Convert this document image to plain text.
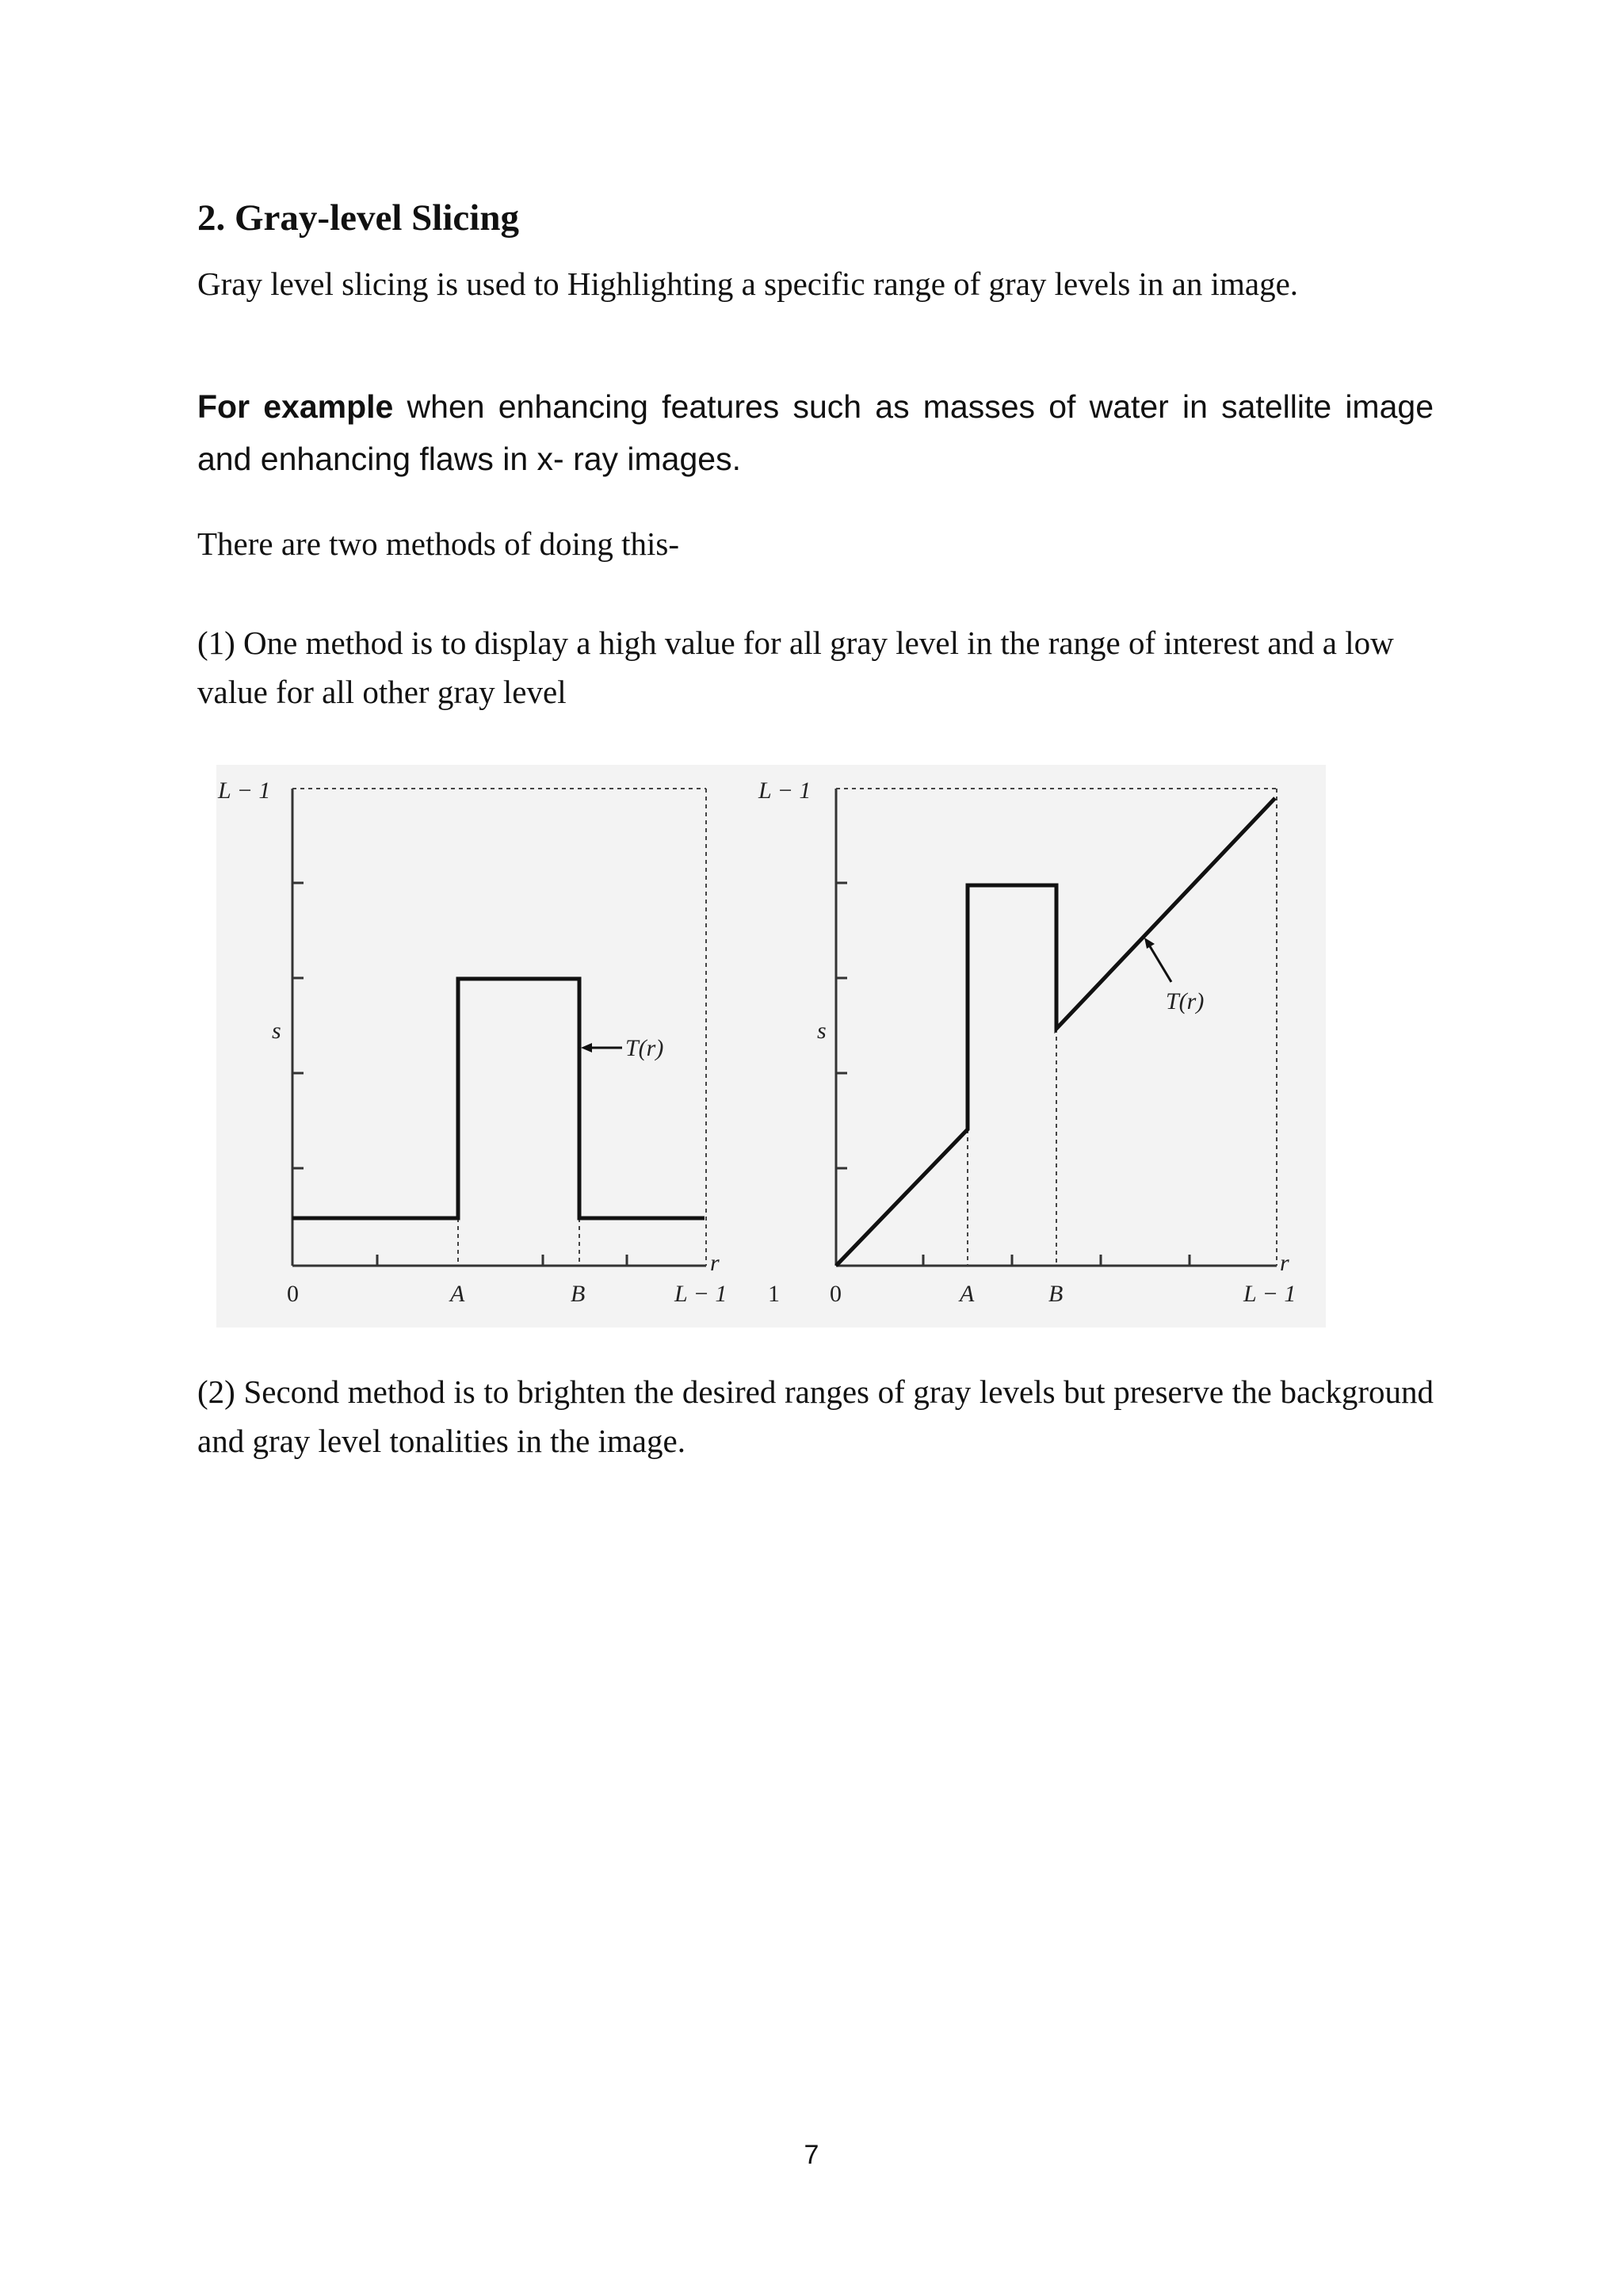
2. Gray-level Slicing

Gray level slicing is used to Highlighting a specific range of gray levels in an image.

For example when enhancing features such as masses of water in satellite image and enhancing flaws in x- ray images.

There are two methods of doing this-

(1) One method is to display a high value for all gray level in the range of interest and a low value for all other gray level

T(r)
L − 1
s
r
0	A	B	L − 1 1
T(r)
L − 1
s
r
0	A	B	L − 1

(2) Second method is to brighten the desired ranges of gray levels but preserve the background and gray level tonalities in the image.

7
